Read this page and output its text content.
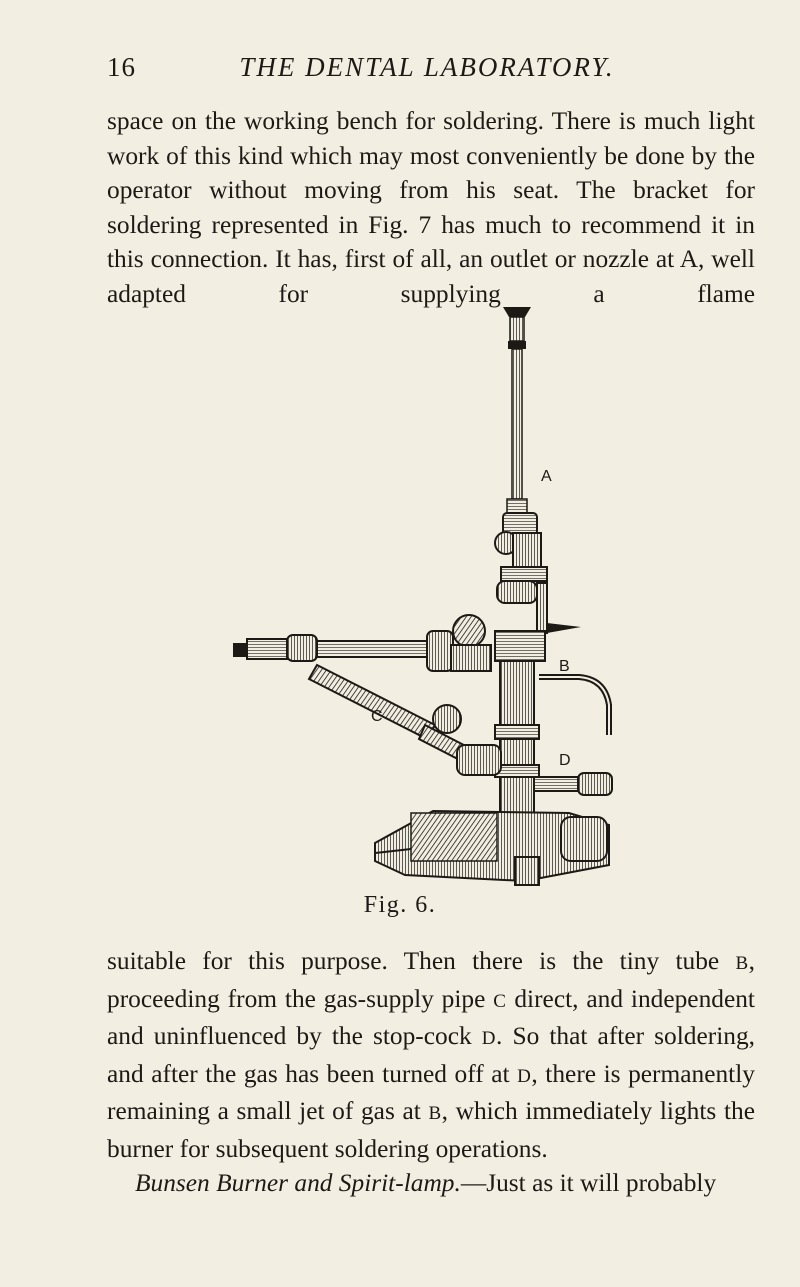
16	THE DENTAL LABORATORY.

space on the working bench for soldering. There is much light work of this kind which may most conveniently be done by the operator without moving from his seat. The bracket for soldering represented in Fig. 7 has much to recommend it in this connection. It has, first of all, an outlet or nozzle at A, well adapted for supplying a flame

A
B
C
D
Fig. 6.

suitable for this purpose. Then there is the tiny tube B, proceeding from the gas-supply pipe C direct, and independent and uninfluenced by the stop-cock D. So that after soldering, and after the gas has been turned off at D, there is permanently remaining a small jet of gas at B, which immediately lights the burner for subsequent soldering operations.
Bunsen Burner and Spirit-lamp.—Just as it will probably
